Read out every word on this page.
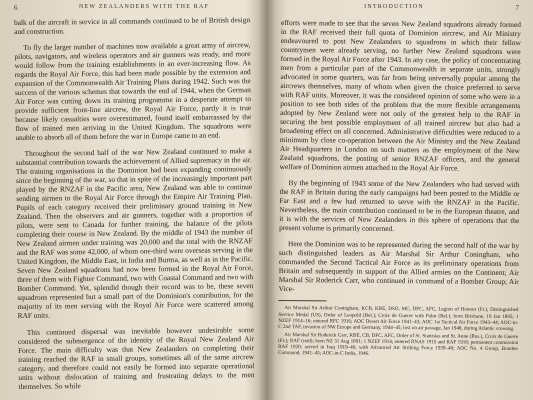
6	NEW ZEALANDERS WITH THE RAF

balk of the aircraft in service in all commands continued to be of British design and construction.

To fly the larger number of machines now available a great army of aircrew, pilots, navigators, and wireless operators and air gunners was ready, and more would follow from the training establishments in an ever-increasing flow. As regards the Royal Air Force, this had been made possible by the extension and expansion of the Commonwealth Air Training Plans during 1942. Such was the success of the various schemes that towards the end of 1944, when the German Air Force was cutting down its training programme in a desperate attempt to provide sufficient front-line aircrew, the Royal Air Force, partly it is true because likely casualties were overestimated, found itself embarrassed by the flow of trained men arriving in the United Kingdom. The squadrons were unable to absorb all of them before the war in Europe came to an end.

Throughout the second half of the war New Zealand continued to make a substantial contribution towards the achievement of Allied supremacy in the air. The training organisations in the Dominion had been expanding continuously since the beginning of the war, so that in spite of the increasingly important part played by the RNZAF in the Pacific area, New Zealand was able to continue sending airmen to the Royal Air Force through the Empire Air Training Plan. Pupils of each category received their preliminary ground training in New Zealand. Then the observers and air gunners, together with a proportion of pilots, were sent to Canada for further training, the balance of the pilots completing their course in New Zealand. By the middle of 1943 the number of New Zealand airmen under training was 20,000 and the total with the RNZAF and the RAF was some 42,000, of whom one-third were overseas serving in the United Kingdom, the Middle East, in India and Burma, as well as in the Pacific. Seven New Zealand squadrons had now been formed in the Royal Air Force, three of them with Fighter Command, two with Coastal Command and two with Bomber Command. Yet, splendid though their record was to be, these seven squadrons represented but a small part of the Dominion's contribution, for the majority of its men serving with the Royal Air Force were scattered among RAF units.

This continued dispersal was inevitable however undesirable some considered the submergence of the identity of the Royal New Zealand Air Force. The main difficulty was that New Zealanders on completing their training reached the RAF in small groups, sometimes all of the same aircrew category, and therefore could not easily be formed into separate operational units without dislocation of training and frustrating delays to the men themselves. So while

INTRODUCTION	7

efforts were made to see that the seven New Zealand squadrons already formed in the RAF received their full quota of Dominion aircrew, and Air Ministry endeavoured to post New Zealanders to squadrons in which their fellow countrymen were already serving, no further New Zealand squadrons were formed in the Royal Air Force after 1943. In any case, the policy of concentrating men from a particular part of the Commonwealth in separate units, strongly advocated in some quarters, was far from being universally popular among the aircrews themselves, many of whom when given the choice preferred to serve with RAF units. Moreover, it was the considered opinion of some who were in a position to see both sides of the problem that the more flexible arrangements adopted by New Zealand were not only of the greatest help to the RAF in securing the best possible employment of all trained aircrew but also had a broadening effect on all concerned. Administrative difficulties were reduced to a minimum by close co-operation between the Air Ministry and the New Zealand Air Headquarters in London on such matters as the employment of the New Zealand squadrons, the posting of senior RNZAF officers, and the general welfare of Dominion airmen attached to the Royal Air Force.

By the beginning of 1943 some of the New Zealanders who had served with the RAF in Britain during the early campaigns had been posted to the Middle or Far East and a few had returned to serve with the RNZAF in the Pacific. Nevertheless, the main contribution continued to be in the European theatre, and it is with the services of New Zealanders in this sphere of operations that the present volume is primarily concerned.

Here the Dominion was to be represented during the second half of the war by such distinguished leaders as Air Marshal Sir Arthur Coningham, who commanded the Second Tactical Air Force as its preliminary operations from Britain and subsequently in support of the Allied armies on the Continent; Air Marshal Sir Roderick Carr, who continued in command of a Bomber Group; Air Vice-

Air Marshal Sir Arthur Coningham, KCB, KBE, DSO, MC, DFC, AFC, Legion of Honour (Fr.), Distinguished Service Medal (US), Order of Leopold (Bel.); Croix de Guerre with Palm (Bel.); born Brisbane, 19 Jan 1895; 1 NZEF 1914–16; entered RFC 1916; AOC Desert Air Force 1941–43; AOC 1st Tactical Air Force 1943–44; AOC-in-C 2nd TAF, invasion of NW Europe and Germany, 1944–45; lost on air passage, Jan 1948, during Atlantic crossing.

Air Marshal Sir Roderick Carr, KBE, CB, DFC, AFC, Order of St. Stanislas and St. Anne (Rus.), Croix de Guerre (Fr.); RAF (retd); born NZ 31 Aug 1891; 1 NZEF 1914; entered RNAS 1915 and RAF 1918; permanent commission RAF 1920; served in Iraq 1919–40, with Advanced Air Striking Force 1939–40; AOC No. 4 Group, Bomber Command, 1941–45; AOC-in-C India, 1946.
